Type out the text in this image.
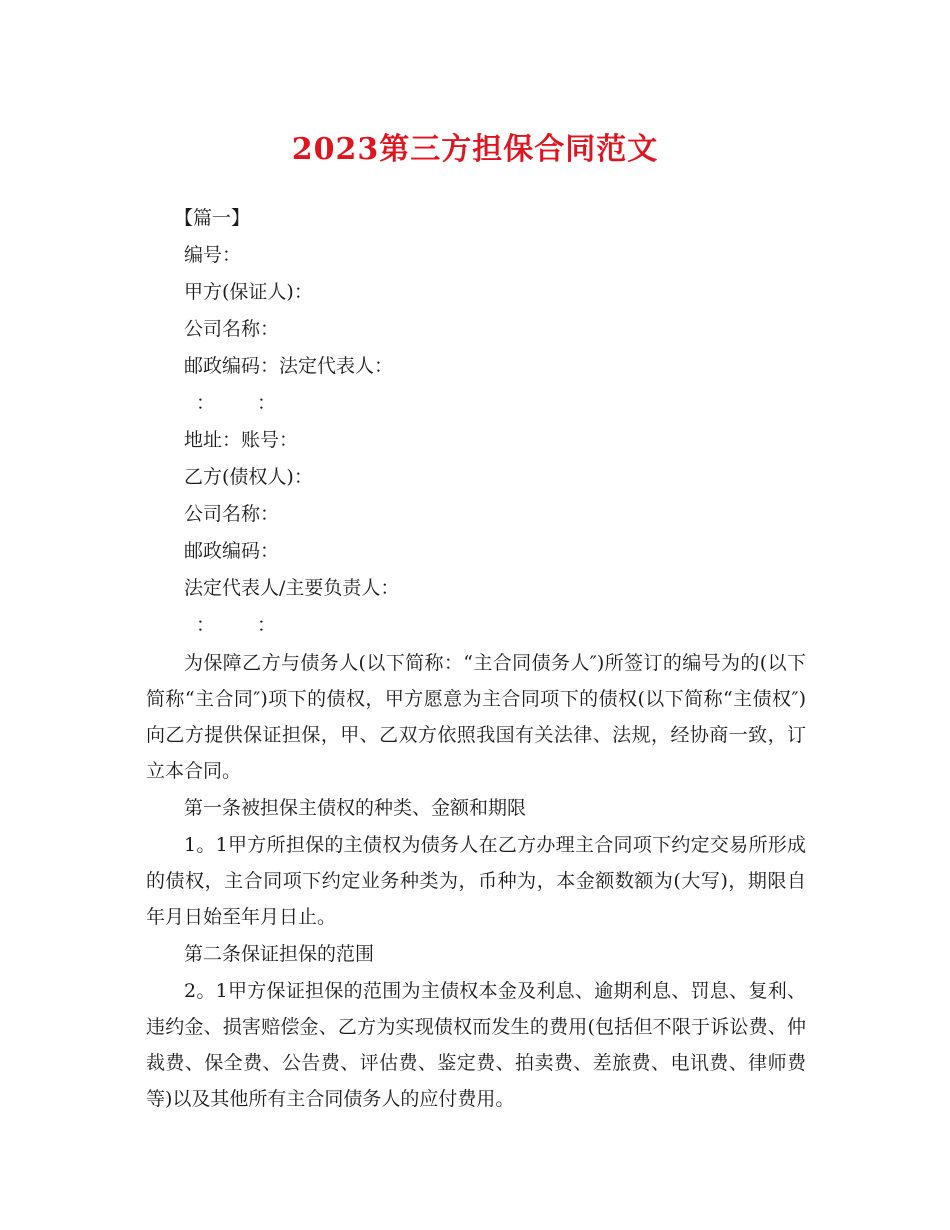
2023第三方担保合同范文
【篇一】
编号：
甲方(保证人)：
公司名称：
邮政编码：法定代表人：
： ：
地址：账号：
乙方(债权人)：
公司名称：
邮政编码：
法定代表人/主要负责人：
： ：

为保障乙方与债务人(以下简称：“主合同债务人″)所签订的编号为的(以下简称“主合同″)项下的债权，甲方愿意为主合同项下的债权(以下简称“主债权″)向乙方提供保证担保，甲、乙双方依照我国有关法律、法规，经协商一致，订立本合同。

第一条被担保主债权的种类、金额和期限

1。1甲方所担保的主债权为债务人在乙方办理主合同项下约定交易所形成的债权，主合同项下约定业务种类为，币种为，本金额数额为(大写)，期限自年月日始至年月日止。

第二条保证担保的范围

2。1甲方保证担保的范围为主债权本金及利息、逾期利息、罚息、复利、违约金、损害赔偿金、乙方为实现债权而发生的费用(包括但不限于诉讼费、仲裁费、保全费、公告费、评估费、鉴定费、拍卖费、差旅费、电讯费、律师费等)以及其他所有主合同债务人的应付费用。
